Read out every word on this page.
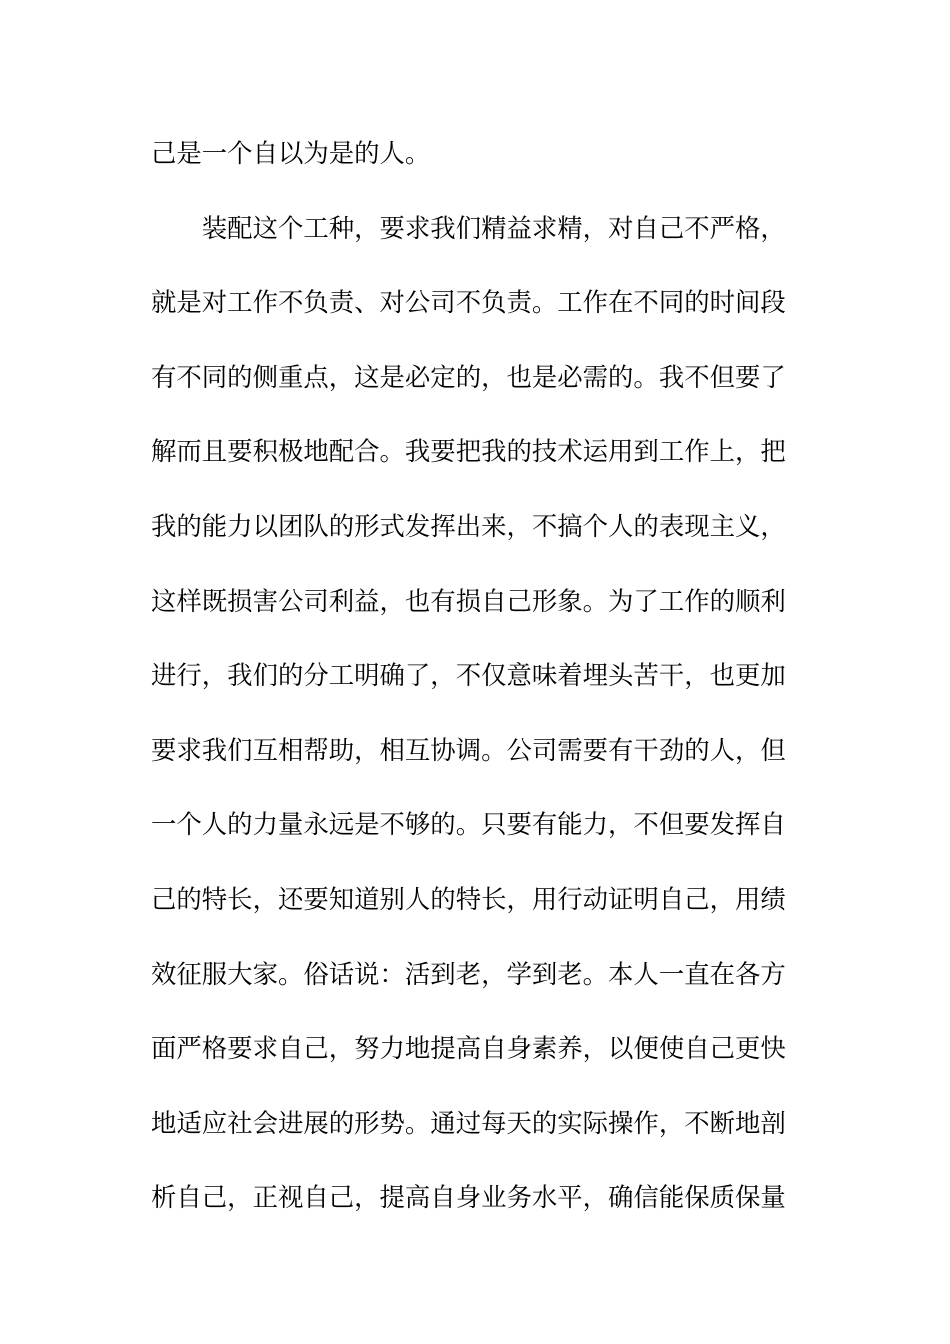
己是一个自以为是的人。
　　装配这个工种，要求我们精益求精，对自己不严格，
就是对工作不负责、对公司不负责。工作在不同的时间段
有不同的侧重点，这是必定的，也是必需的。我不但要了
解而且要积极地配合。我要把我的技术运用到工作上，把
我的能力以团队的形式发挥出来，不搞个人的表现主义，
这样既损害公司利益，也有损自己形象。为了工作的顺利
进行，我们的分工明确了，不仅意味着埋头苦干，也更加
要求我们互相帮助，相互协调。公司需要有干劲的人，但
一个人的力量永远是不够的。只要有能力，不但要发挥自
己的特长，还要知道别人的特长，用行动证明自己，用绩
效征服大家。俗话说：活到老，学到老。本人一直在各方
面严格要求自己，努力地提高自身素养，以便使自己更快
地适应社会进展的形势。通过每天的实际操作，不断地剖
析自己，正视自己，提高自身业务水平，确信能保质保量
